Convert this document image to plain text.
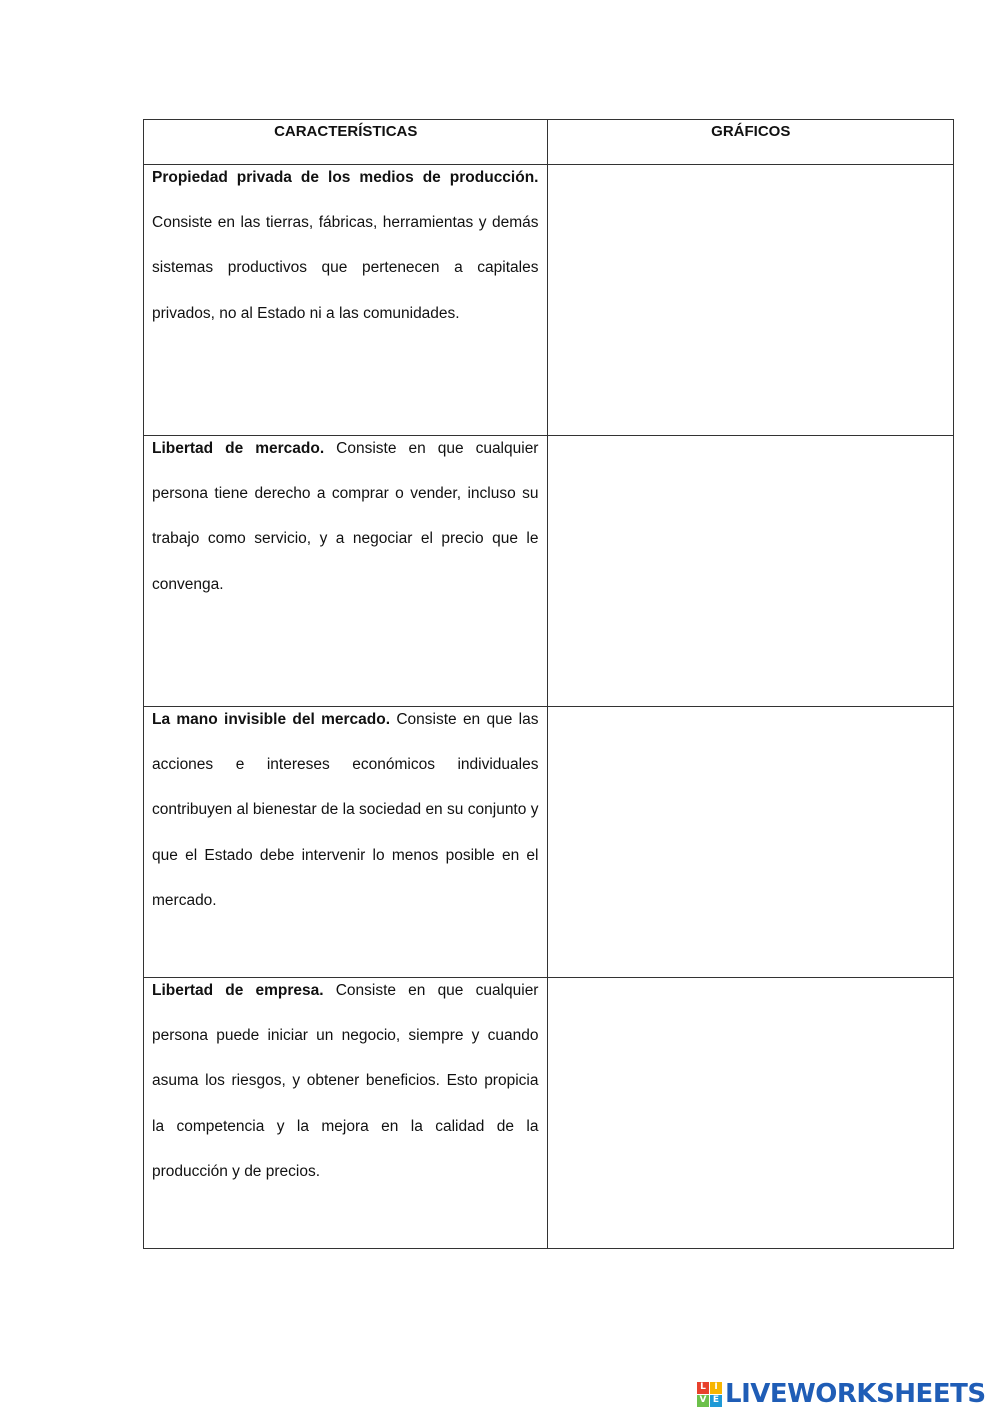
CARACTERÍSTICAS	GRÁFICOS

Propiedad privada de los medios de producción. Consiste en las tierras, fábricas, herramientas y demás sistemas productivos que pertenecen a capitales privados, no al Estado ni a las comunidades.	

Libertad de mercado. Consiste en que cualquier persona tiene derecho a comprar o vender, incluso su trabajo como servicio, y a negociar el precio que le convenga.	

La mano invisible del mercado. Consiste en que las acciones e intereses económicos individuales contribuyen al bienestar de la sociedad en su conjunto y que el Estado debe intervenir lo menos posible en el mercado.	

Libertad de empresa. Consiste en que cualquier persona puede iniciar un negocio, siempre y cuando asuma los riesgos, y obtener beneficios. Esto propicia la competencia y la mejora en la calidad de la producción y de precios.	

L I
V E LIVEWORKSHEETS
